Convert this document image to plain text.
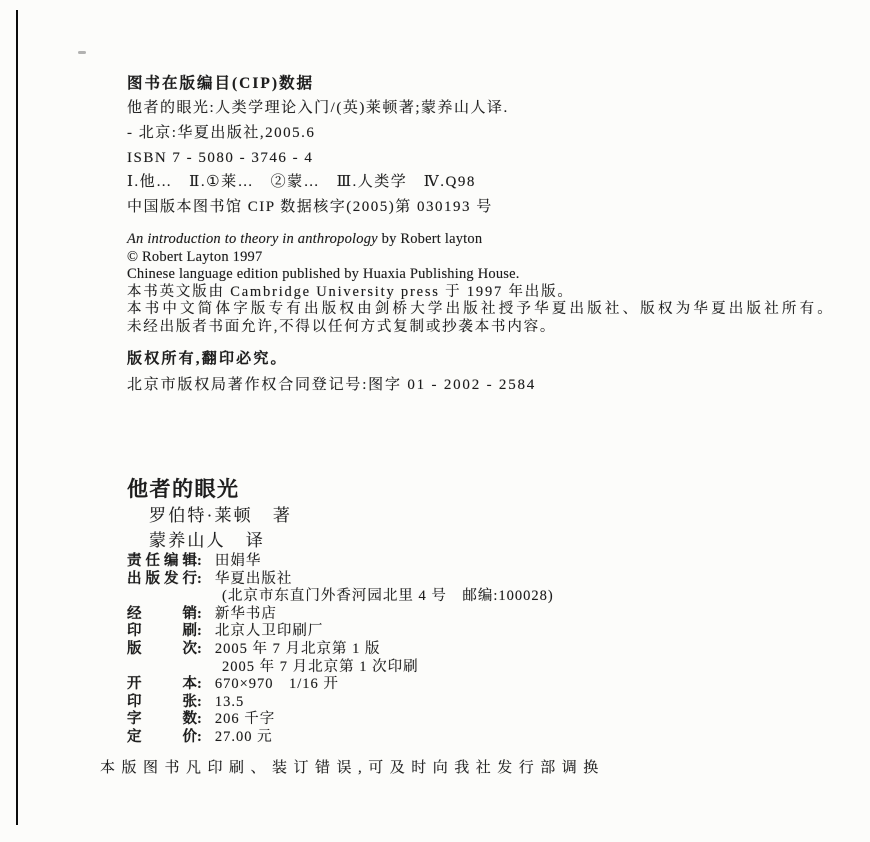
图书在版编目(CIP)数据
他者的眼光:人类学理论入门/(英)莱顿著;蒙养山人译.
- 北京:华夏出版社,2005.6
ISBN 7 - 5080 - 3746 - 4
Ⅰ.他…　Ⅱ.①莱…　②蒙…　Ⅲ.人类学　Ⅳ.Q98
中国版本图书馆 CIP 数据核字(2005)第 030193 号
An introduction to theory in anthropology by Robert layton
© Robert Layton 1997
Chinese language edition published by Huaxia Publishing House.
本书英文版由 Cambridge University press 于 1997 年出版。
本书中文简体字版专有出版权由剑桥大学出版社授予华夏出版社、版权为华夏出版社所有。
未经出版者书面允许,不得以任何方式复制或抄袭本书内容。
版权所有,翻印必究。
北京市版权局著作权合同登记号:图字 01 - 2002 - 2584
他者的眼光
罗伯特·莱顿 著
蒙养山人 译
责任编辑: 田娟华
出版发行: 华夏出版社
(北京市东直门外香河园北里 4 号　邮编:100028)
经销: 新华书店
印刷: 北京人卫印刷厂
版次: 2005 年 7 月北京第 1 版
2005 年 7 月北京第 1 次印刷
开本: 670×970　1/16 开
印张: 13.5
字数: 206 千字
定价: 27.00 元
本版图书凡印刷、装订错误,可及时向我社发行部调换
